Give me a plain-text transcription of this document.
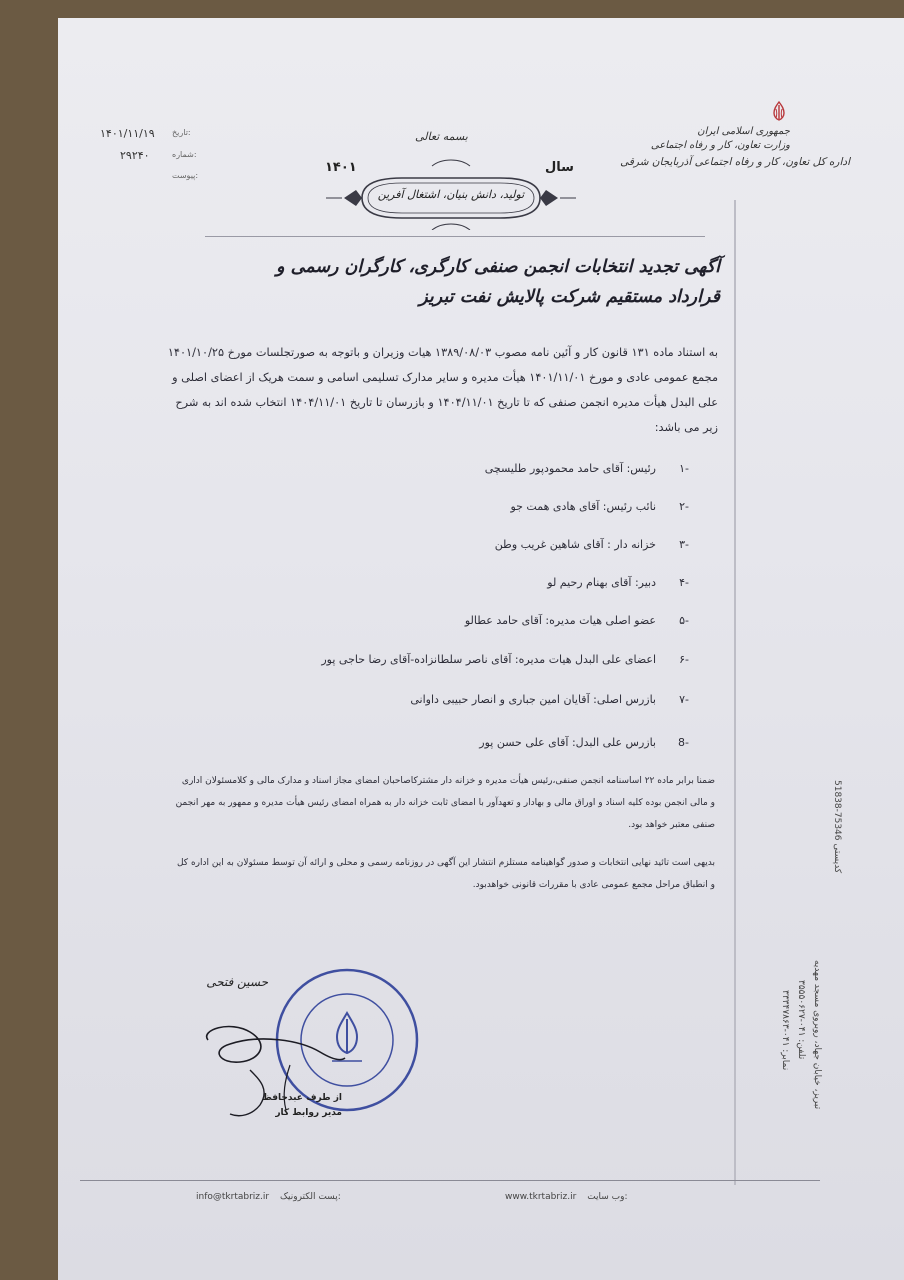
جمهوری اسلامی ایران
وزارت تعاون، کار و رفاه اجتماعی
اداره کل تعاون، کار و رفاه اجتماعی آذربایجان شرقی
تاریخ:
۱۴۰۱/۱۱/۱۹
شماره:
۲۹۲۴۰
پیوست:
بسمه تعالی
سال
۱۴۰۱
تولید، دانش بنیان، اشتغال آفرین
آگهی تجدید انتخابات انجمن صنفی کارگری، کارگران رسمی و قرارداد مستقیم شرکت پالایش نفت تبریز
به استناد ماده ۱۳۱ قانون کار و آئین نامه مصوب ۱۳۸۹/۰۸/۰۳ هیات وزیران و باتوجه به صورتجلسات مورخ ۱۴۰۱/۱۰/۲۵
مجمع عمومی عادی و مورخ ۱۴۰۱/۱۱/۰۱ هیأت مدیره و سایر مدارک تسلیمی اسامی و سمت هریک از اعضای اصلی و
علی البدل هیأت مدیره انجمن صنفی که تا تاریخ ۱۴۰۴/۱۱/۰۱ و بازرسان تا تاریخ ۱۴۰۴/۱۱/۰۱ انتخاب شده اند به شرح
زیر می باشد:
-۱  رئیس: آقای حامد محمودپور طلیسچی
-۲  نائب رئیس: آقای هادی همت جو
-۳  خزانه دار : آقای شاهین غریب وطن
-۴  دبیر: آقای بهنام رحیم لو
-۵  عضو اصلی هیات مدیره: آقای حامد عطالو
-۶  اعضای علی البدل هیات مدیره: آقای ناصر سلطانزاده-آقای رضا حاجی پور
-۷  بازرس اصلی: آقایان امین جباری و انصار حبیبی داوانی
-8  بازرس علی البدل: آقای علی حسن پور
ضمنا برابر ماده ۲۲ اساسنامه انجمن صنفی،رئیس هیأت مدیره و خزانه دار مشترکاصاحبان امضای مجاز اسناد و مدارک مالی و کلامسئولان اداری
و مالی انجمن بوده کلیه اسناد و اوراق مالی و بهادار و تعهدآور با امضای ثابت خزانه دار به همراه امضای رئیس هیأت مدیره و ممهور به مهر انجمن
صنفی معتبر خواهد بود.
بدیهی است تائید نهایی انتخابات و صدور گواهینامه مستلزم انتشار این آگهی در روزنامه رسمی و محلی و ارائه آن توسط مسئولان به این اداره کل
و انطباق مراحل مجمع عمومی عادی با مقررات قانونی خواهدبود.
حسین فتحی
از طرف عبدحافظ
مدیر روابط کار
51838-75346 کدپستی
تبریز، خیابان جهاد، روبروی مسجد مهدیه
تلفن: ۰۴۱-۳۵۵۵۰۶۲۷
نمابر: ۰۴۱-۳۳۳۴۷۸۶۳
info@tkrtabriz.ir پست الکترونیک:	www.tkrtabriz.ir وب سایت:
